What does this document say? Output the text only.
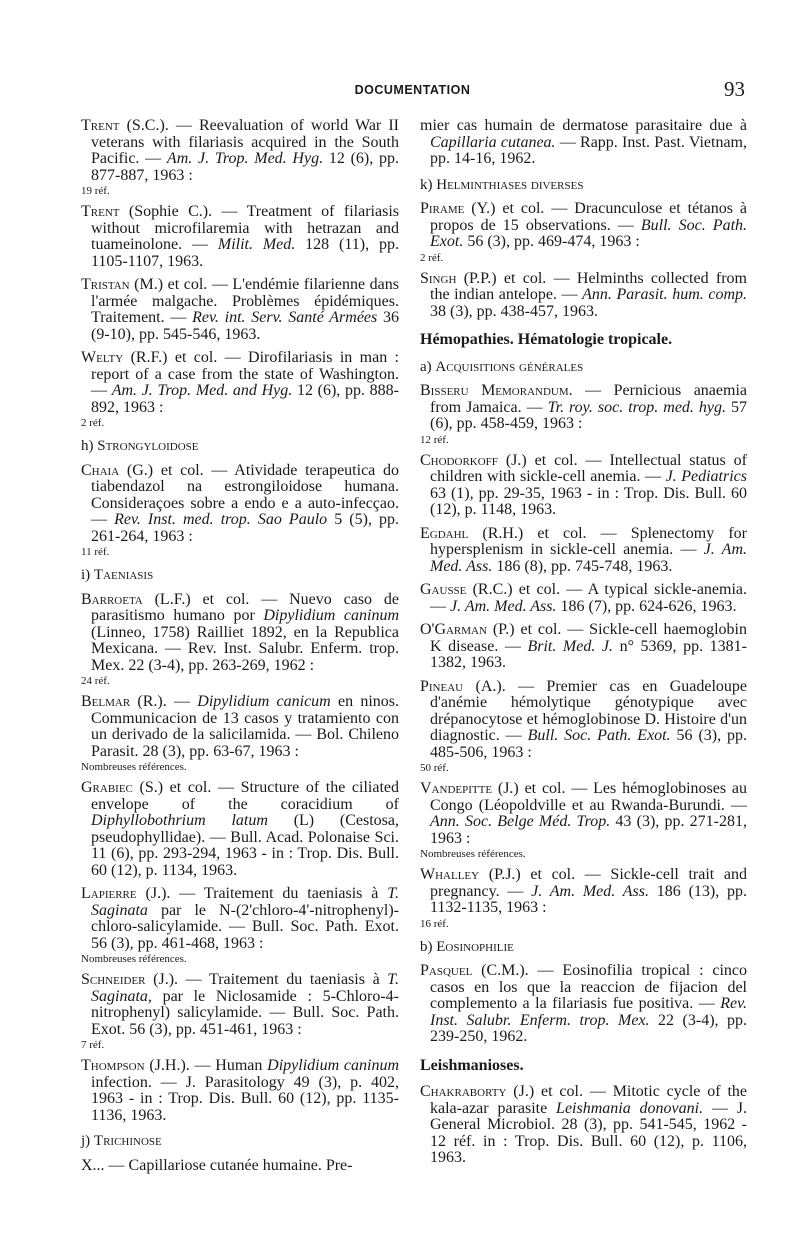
DOCUMENTATION	93
Trent (S.C.). — Reevaluation of world War II veterans with filariasis acquired in the South Pacific. — Am. J. Trop. Med. Hyg. 12 (6), pp. 877-887, 1963 :
19 réf.
Trent (Sophie C.). — Treatment of filariasis without microfilaremia with hetrazan and tuameinolone. — Milit. Med. 128 (11), pp. 1105-1107, 1963.
Tristan (M.) et col. — L'endémie filarienne dans l'armée malgache. Problèmes épidémiques. Traitement. — Rev. int. Serv. Santé Armées 36 (9-10), pp. 545-546, 1963.
Welty (R.F.) et col. — Dirofilariasis in man : report of a case from the state of Washington. — Am. J. Trop. Med. and Hyg. 12 (6), pp. 888-892, 1963 :
2 réf.
h) Strongyloidose
Chaia (G.) et col. — Atividade terapeutica do tiabendazol na estrongiloidose humana. Consideraçoes sobre a endo e a auto-infecçao. — Rev. Inst. med. trop. Sao Paulo 5 (5), pp. 261-264, 1963 :
11 réf.
i) Taeniasis
Barroeta (L.F.) et col. — Nuevo caso de parasitismo humano por Dipylidium caninum (Linneo, 1758) Railliet 1892, en la Republica Mexicana. — Rev. Inst. Salubr. Enferm. trop. Mex. 22 (3-4), pp. 263-269, 1962 :
24 réf.
Belmar (R.). — Dipylidium canicum en ninos. Communicacion de 13 casos y tratamiento con un derivado de la salicilamida. — Bol. Chileno Parasit. 28 (3), pp. 63-67, 1963 :
Nombreuses références.
Grabiec (S.) et col. — Structure of the ciliated envelope of the coracidium of Diphyllobothrium latum (L) (Cestosa, pseudophyllidae). — Bull. Acad. Polonaise Sci. 11 (6), pp. 293-294, 1963 - in : Trop. Dis. Bull. 60 (12), p. 1134, 1963.
Lapierre (J.). — Traitement du taeniasis à T. Saginata par le N-(2'chloro-4'-nitrophenyl)-chloro-salicylamide. — Bull. Soc. Path. Exot. 56 (3), pp. 461-468, 1963 :
Nombreuses références.
Schneider (J.). — Traitement du taeniasis à T. Saginata, par le Niclosamide : 5-Chloro-4-nitrophenyl) salicylamide. — Bull. Soc. Path. Exot. 56 (3), pp. 451-461, 1963 :
7 réf.
Thompson (J.H.). — Human Dipylidium caninum infection. — J. Parasitology 49 (3), p. 402, 1963 - in : Trop. Dis. Bull. 60 (12), pp. 1135-1136, 1963.
j) Trichinose
X... — Capillariose cutanée humaine. Pre-
mier cas humain de dermatose parasitaire due à Capillaria cutanea. — Rapp. Inst. Past. Vietnam, pp. 14-16, 1962.
k) Helminthiases diverses
Pirame (Y.) et col. — Dracunculose et tétanos à propos de 15 observations. — Bull. Soc. Path. Exot. 56 (3), pp. 469-474, 1963 :
2 réf.
Singh (P.P.) et col. — Helminths collected from the indian antelope. — Ann. Parasit. hum. comp. 38 (3), pp. 438-457, 1963.
Hémopathies. Hématologie tropicale.
a) Acquisitions générales
Bisseru Memorandum. — Pernicious anaemia from Jamaica. — Tr. roy. soc. trop. med. hyg. 57 (6), pp. 458-459, 1963 :
12 réf.
Chodorkoff (J.) et col. — Intellectual status of children with sickle-cell anemia. — J. Pediatrics 63 (1), pp. 29-35, 1963 - in : Trop. Dis. Bull. 60 (12), p. 1148, 1963.
Egdahl (R.H.) et col. — Splenectomy for hypersplenism in sickle-cell anemia. — J. Am. Med. Ass. 186 (8), pp. 745-748, 1963.
Gausse (R.C.) et col. — A typical sickle-anemia. — J. Am. Med. Ass. 186 (7), pp. 624-626, 1963.
O'Garman (P.) et col. — Sickle-cell haemoglobin K disease. — Brit. Med. J. n° 5369, pp. 1381-1382, 1963.
Pineau (A.). — Premier cas en Guadeloupe d'anémie hémolytique génotypique avec drépanocytose et hémoglobinose D. Histoire d'un diagnostic. — Bull. Soc. Path. Exot. 56 (3), pp. 485-506, 1963 :
50 réf.
Vandepitte (J.) et col. — Les hémoglobinoses au Congo (Léopoldville et au Rwanda-Burundi. — Ann. Soc. Belge Méd. Trop. 43 (3), pp. 271-281, 1963 :
Nombreuses références.
Whalley (P.J.) et col. — Sickle-cell trait and pregnancy. — J. Am. Med. Ass. 186 (13), pp. 1132-1135, 1963 :
16 réf.
b) Eosinophilie
Pasquel (C.M.). — Eosinofilia tropical : cinco casos en los que la reaccion de fijacion del complemento a la filariasis fue positiva. — Rev. Inst. Salubr. Enferm. trop. Mex. 22 (3-4), pp. 239-250, 1962.
Leishmanioses.
Chakraborty (J.) et col. — Mitotic cycle of the kala-azar parasite Leishmania donovani. — J. General Microbiol. 28 (3), pp. 541-545, 1962 - 12 réf. in : Trop. Dis. Bull. 60 (12), p. 1106, 1963.
